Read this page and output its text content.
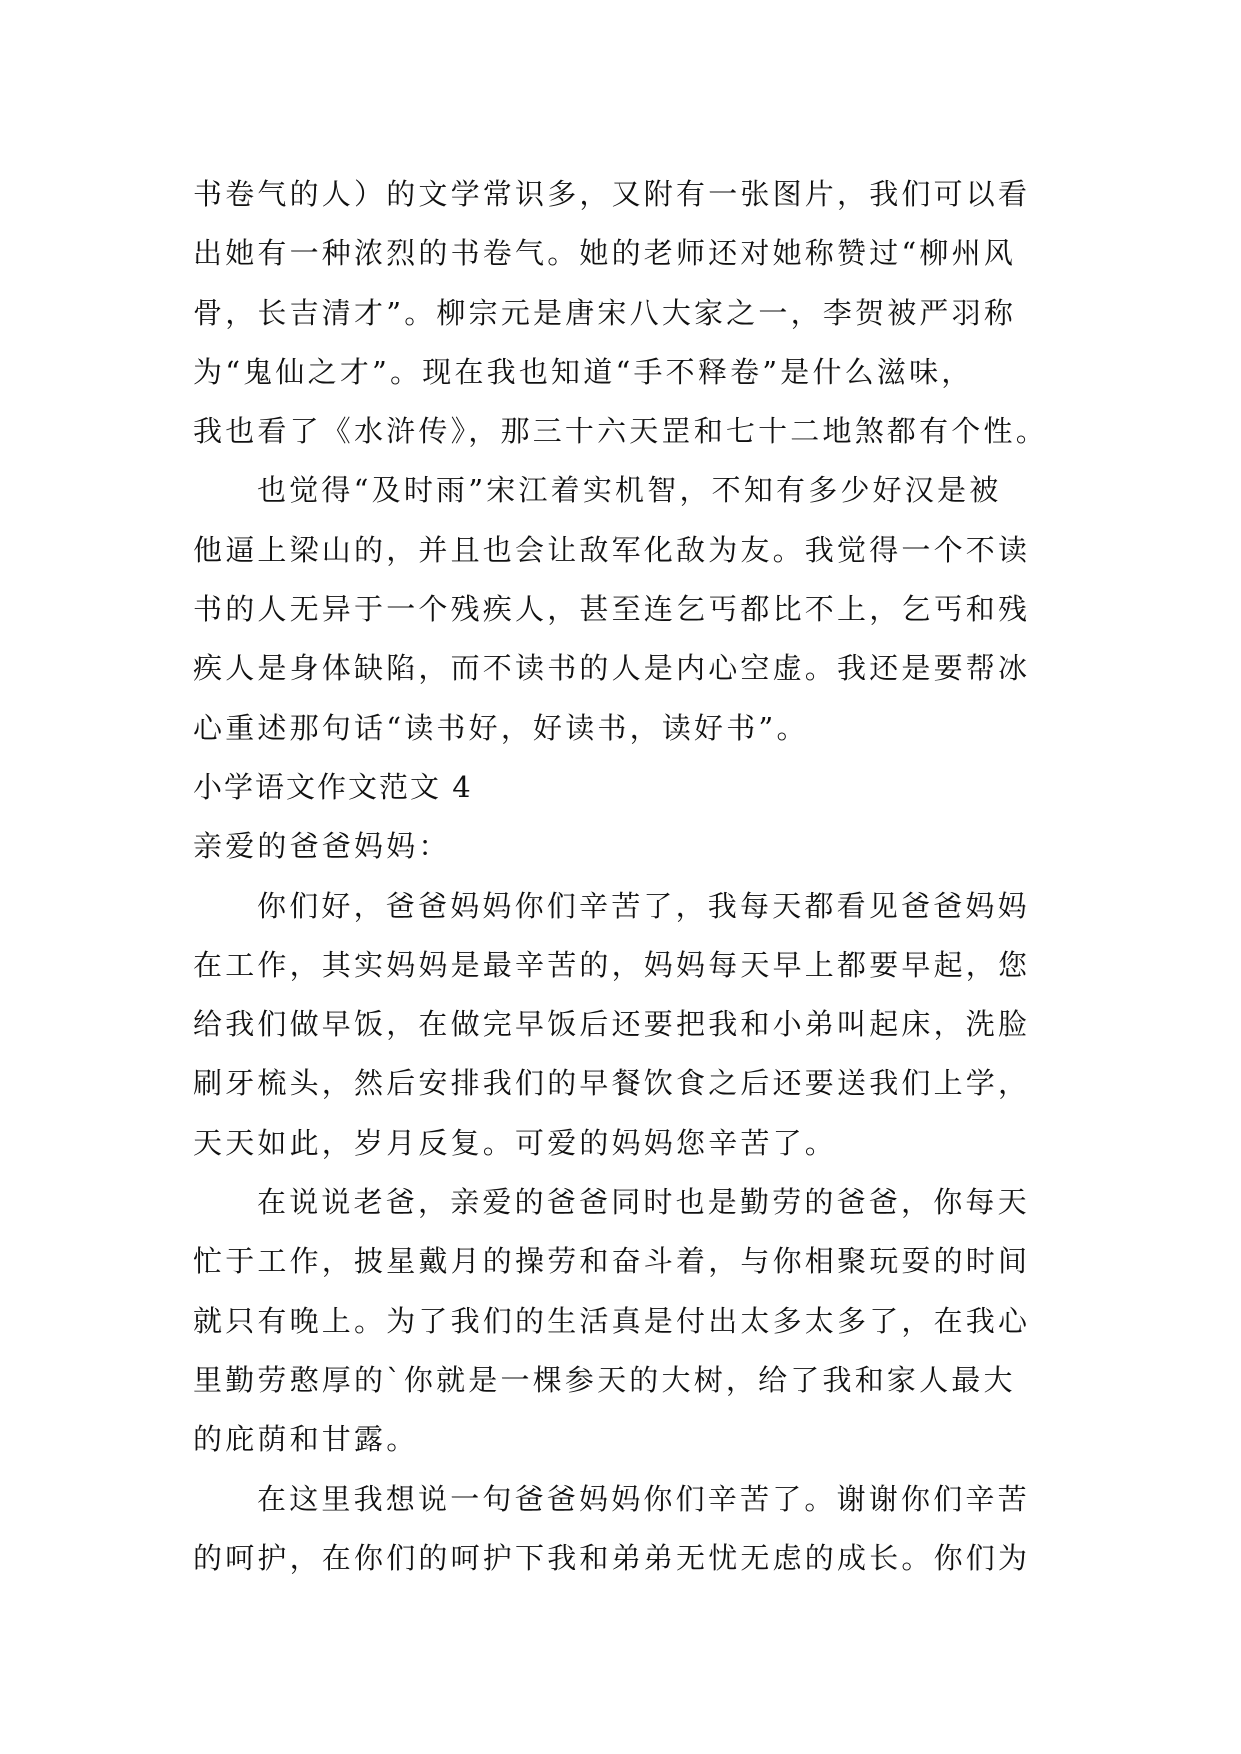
书卷气的人）的文学常识多，又附有一张图片，我们可以看
出她有一种浓烈的书卷气。她的老师还对她称赞过“柳州风
骨，长吉清才”。柳宗元是唐宋八大家之一，李贺被严羽称
为“鬼仙之才”。现在我也知道“手不释卷”是什么滋味，
我也看了《水浒传》，那三十六天罡和七十二地煞都有个性。
也觉得“及时雨”宋江着实机智，不知有多少好汉是被
他逼上梁山的，并且也会让敌军化敌为友。我觉得一个不读
书的人无异于一个残疾人，甚至连乞丐都比不上，乞丐和残
疾人是身体缺陷，而不读书的人是内心空虚。我还是要帮冰
心重述那句话“读书好，好读书，读好书”。
小学语文作文范文 4
亲爱的爸爸妈妈：
你们好，爸爸妈妈你们辛苦了，我每天都看见爸爸妈妈
在工作，其实妈妈是最辛苦的，妈妈每天早上都要早起，您
给我们做早饭，在做完早饭后还要把我和小弟叫起床，洗脸
刷牙梳头，然后安排我们的早餐饮食之后还要送我们上学，
天天如此，岁月反复。可爱的妈妈您辛苦了。
在说说老爸，亲爱的爸爸同时也是勤劳的爸爸，你每天
忙于工作，披星戴月的操劳和奋斗着，与你相聚玩耍的时间
就只有晚上。为了我们的生活真是付出太多太多了，在我心
里勤劳憨厚的`你就是一棵参天的大树，给了我和家人最大
的庇荫和甘露。
在这里我想说一句爸爸妈妈你们辛苦了。谢谢你们辛苦
的呵护，在你们的呵护下我和弟弟无忧无虑的成长。你们为
